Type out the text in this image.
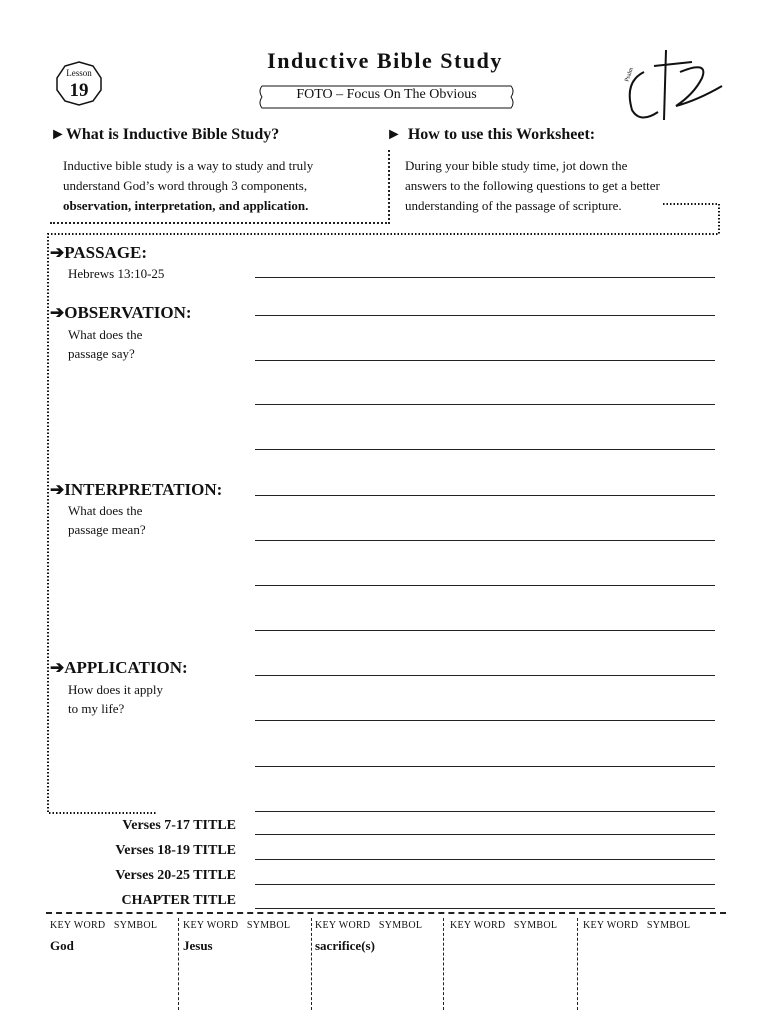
Lesson
19
Inductive Bible Study
FOTO – Focus On The Obvious
Psalm
►What is Inductive Bible Study?
Inductive bible study is a way to study and truly
understand God’s word through 3 components,
observation, interpretation, and application.
► How to use this Worksheet:
During your bible study time, jot down the
answers to the following questions to get a better
understanding of the passage of scripture.
➔PASSAGE:
Hebrews 13:10-25
➔OBSERVATION:
What does the
passage say?
➔INTERPRETATION:
What does the
passage mean?
➔APPLICATION:
How does it apply
to my life?
Verses 7-17 TITLE
Verses 18-19 TITLE
Verses 20-25 TITLE
CHAPTER TITLE
KEY WORD SYMBOL	KEY WORD SYMBOL KEY WORD SYMBOL	KEY WORD SYMBOL	KEY WORD SYMBOL
God	Jesus	sacrifice(s)
